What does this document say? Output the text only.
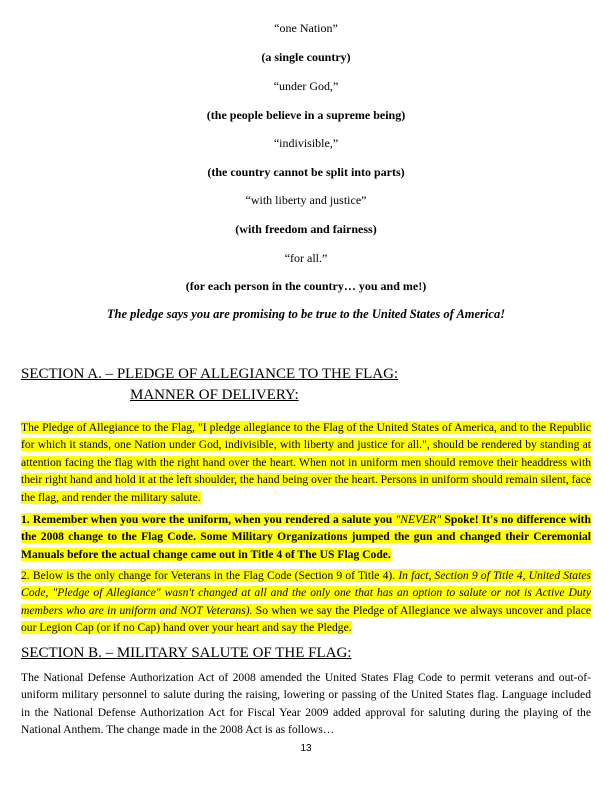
“one Nation”
(a single country)
“under God,”
(the people believe in a supreme being)
“indivisible,”
(the country cannot be split into parts)
“with liberty and justice”
(with freedom and fairness)
“for all.”
(for each person in the country… you and me!)
The pledge says you are promising to be true to the United States of America!
SECTION A. – PLEDGE OF ALLEGIANCE TO THE FLAG:
MANNER OF DELIVERY:

The Pledge of Allegiance to the Flag, "I pledge allegiance to the Flag of the United States of America, and to the Republic for which it stands, one Nation under God, indivisible, with liberty and justice for all.", should be rendered by standing at attention facing the flag with the right hand over the heart. When not in uniform men should remove their headdress with their right hand and hold it at the left shoulder, the hand being over the heart. Persons in uniform should remain silent, face the flag, and render the military salute.

1. Remember when you wore the uniform, when you rendered a salute you "NEVER" Spoke! It's no difference with the 2008 change to the Flag Code. Some Military Organizations jumped the gun and changed their Ceremonial Manuals before the actual change came out in Title 4 of The US Flag Code.

2. Below is the only change for Veterans in the Flag Code (Section 9 of Title 4). In fact, Section 9 of Title 4, United States Code, "Pledge of Allegiance" wasn't changed at all and the only one that has an option to salute or not is Active Duty members who are in uniform and NOT Veterans). So when we say the Pledge of Allegiance we always uncover and place our Legion Cap (or if no Cap) hand over your heart and say the Pledge.

SECTION B. – MILITARY SALUTE OF THE FLAG:

The National Defense Authorization Act of 2008 amended the United States Flag Code to permit veterans and out-of-uniform military personnel to salute during the raising, lowering or passing of the United States flag. Language included in the National Defense Authorization Act for Fiscal Year 2009 added approval for saluting during the playing of the National Anthem. The change made in the 2008 Act is as follows…

13
